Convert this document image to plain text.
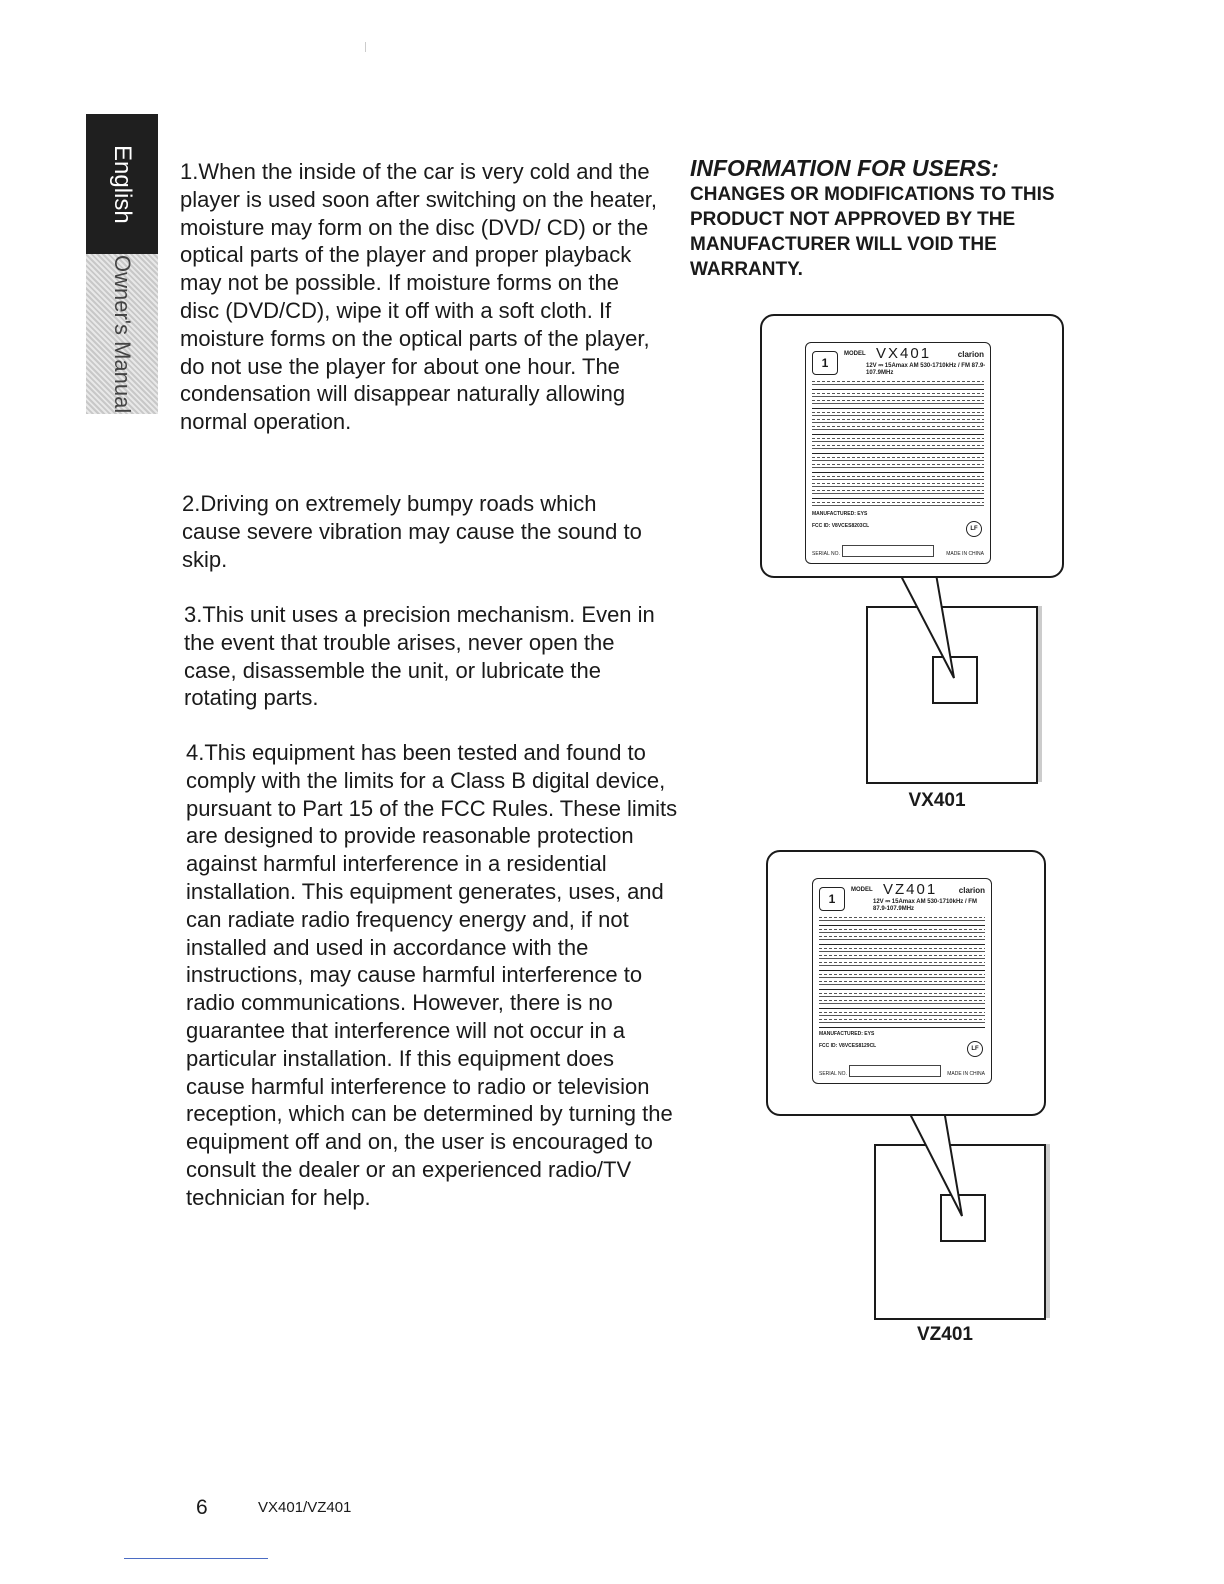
English
Owner's Manual

1.When the inside of the car is very cold and the player is used soon after switching on the heater, moisture may form on the disc (DVD/ CD) or the optical parts of the player and proper playback may not be possible. If moisture forms on the disc (DVD/CD), wipe it off with a soft cloth. If moisture forms on the optical parts of the player, do not use the player for about one hour. The condensation will disappear naturally allowing normal operation.

2.Driving on extremely bumpy roads which cause severe vibration may cause the sound to skip.

3.This unit uses a precision mechanism. Even in the event that trouble arises, never open the case, disassemble the unit, or lubricate the rotating parts.

4.This equipment has been tested and found to comply with the limits for a Class B digital device, pursuant to Part 15 of the FCC Rules. These limits are designed to provide reasonable protection against harmful interference in a residential installation. This equipment generates, uses, and can radiate radio frequency energy and, if not installed and used in accordance with the instructions, may cause harmful interference to radio communications. However, there is no guarantee that interference will not occur in a particular installation. If this equipment does cause harmful interference to radio or television reception, which can be determined by turning the equipment off and on, the user is encouraged to consult the dealer or an experienced radio/TV technician for help.

INFORMATION FOR USERS:

CHANGES OR MODIFICATIONS TO THIS PRODUCT NOT APPROVED BY THE MANUFACTURER WILL VOID THE WARRANTY.

1
MODEL VX401	clarion
12V ⎓ 15Amax AM 530-1710kHz / FM 87.9-107.9MHz
MANUFACTURED: EYS
FCC ID: V8VCES8203CL	LF
SERIAL NO.	MADE IN CHINA

VX401

1
MODEL VZ401	clarion
12V ⎓ 15Amax AM 530-1710kHz / FM 87.9-107.9MHz
MANUFACTURED: EYS
FCC ID: V8VCES8129CL	LF
SERIAL NO.	MADE IN CHINA

VZ401

6	VX401/VZ401
